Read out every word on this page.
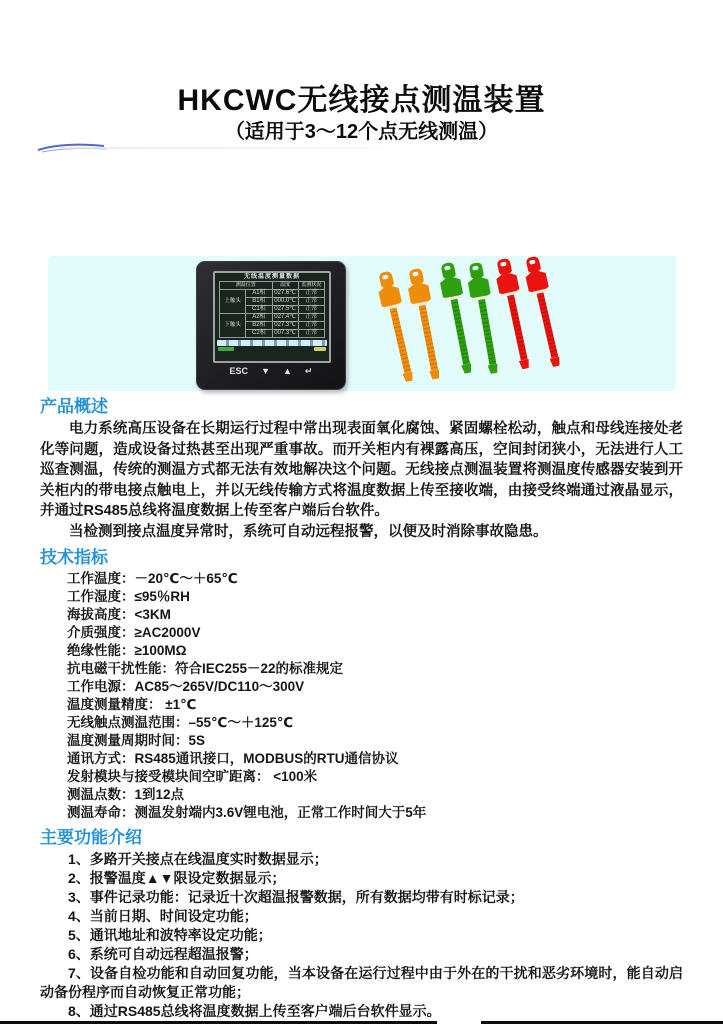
HKCWC无线接点测温装置
（适用于3～12个点无线测温）
无线温度测量数据
测温位置		温度	监测状况
上触头	A1相	027.6℃	正常
	B1相	000.0℃	正常
	C1相	027.5℃	正常
下触头	A2相	027.4℃	正常
	B2相	027.3℃	正常
	C2相	007.3℃	正常
ESC ▼ ▲ ↵
产品概述

电力系统高压设备在长期运行过程中常出现表面氧化腐蚀、紧固螺栓松动，触点和母线连接处老化等问题，造成设备过热甚至出现严重事故。而开关柜内有裸露高压，空间封闭狭小，无法进行人工巡查测温，传统的测温方式都无法有效地解决这个问题。无线接点测温装置将测温度传感器安装到开关柜内的带电接点触电上，并以无线传输方式将温度数据上传至接收端，由接受终端通过液晶显示，并通过RS485总线将温度数据上传至客户端后台软件。

当检测到接点温度异常时，系统可自动远程报警，以便及时消除事故隐患。

技术指标
工作温度：－20℃～＋65℃
工作湿度：≤95％RH
海拔高度：<3KM
介质强度：≥AC2000V
绝缘性能：≥100MΩ
抗电磁干扰性能：符合IEC255－22的标准规定
工作电源：AC85～265V/DC110～300V
温度测量精度： ±1℃
无线触点测温范围：–55℃～＋125℃
温度测量周期时间：5S
通讯方式：RS485通讯接口，MODBUS的RTU通信协议
发射模块与接受模块间空旷距离： <100米
测温点数：1到12点
测温寿命：测温发射端内3.6V锂电池，正常工作时间大于5年
主要功能介绍

1、多路开关接点在线温度实时数据显示；

2、报警温度▲▼限设定数据显示；

3、事件记录功能：记录近十次超温报警数据，所有数据均带有时标记录；

4、当前日期、时间设定功能；

5、通讯地址和波特率设定功能；

6、系统可自动远程超温报警；

7、设备自检功能和自动回复功能，当本设备在运行过程中由于外在的干扰和恶劣环境时，能自动启动备份程序而自动恢复正常功能；

8、通过RS485总线将温度数据上传至客户端后台软件显示。
